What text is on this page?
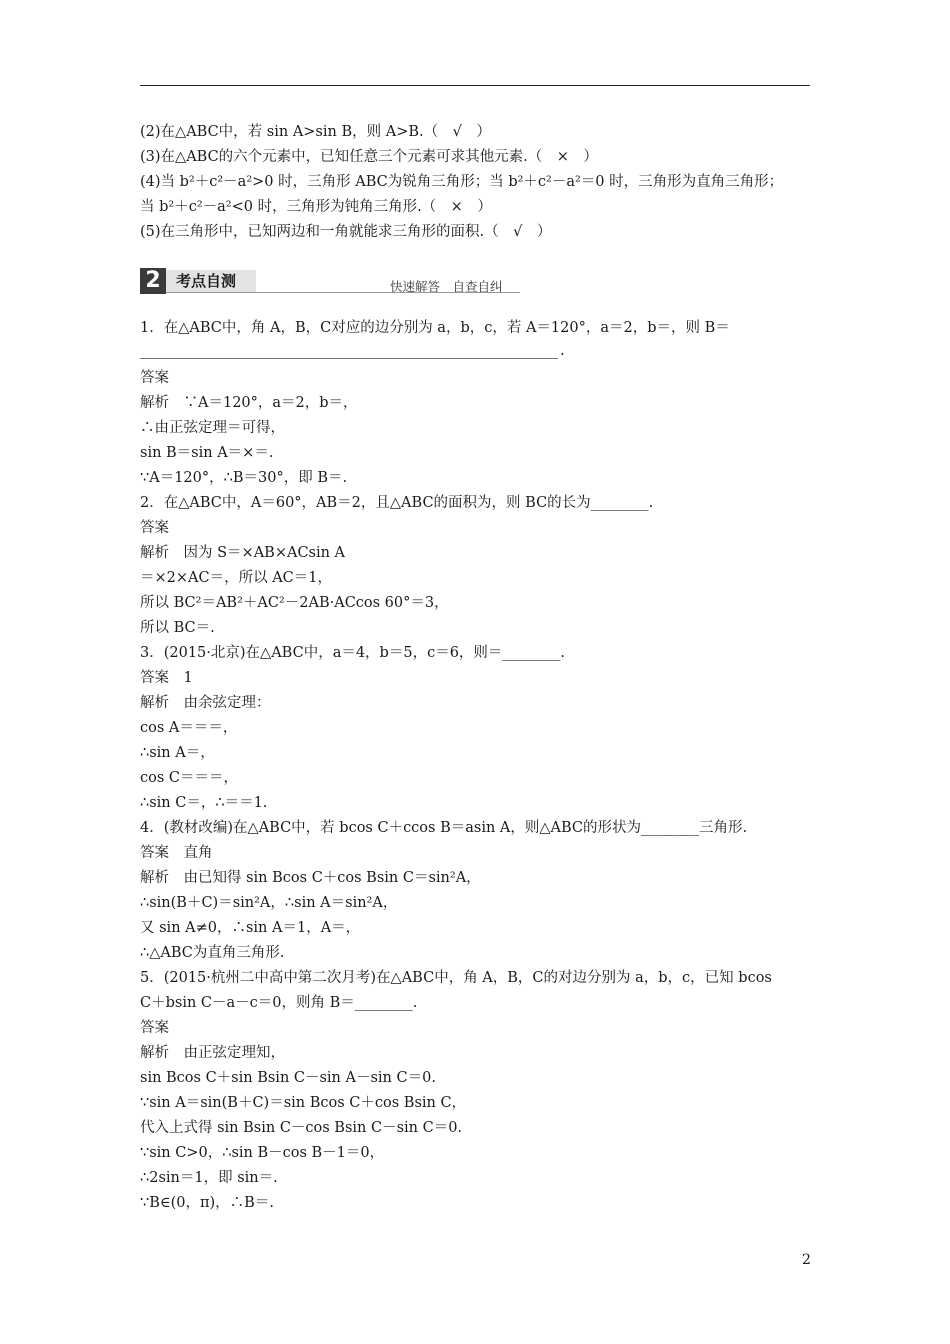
(2)在△ABC中，若 sin A>sin B，则 A>B.（　√　）
(3)在△ABC的六个元素中，已知任意三个元素可求其他元素.（　×　）
(4)当 b²＋c²－a²>0 时，三角形 ABC为锐角三角形；当 b²＋c²－a²＝0 时，三角形为直角三角形；
当 b²＋c²－a²<0 时，三角形为钝角三角形.（　×　）
(5)在三角形中，已知两边和一角就能求三角形的面积.（　√　）
2	考点自测	快速解答　自查自纠
1．在△ABC中，角 A，B，C对应的边分别为 a，b，c，若 A＝120°，a＝2，b＝，则 B＝
.
答案
解析　∵A＝120°，a＝2，b＝，
∴由正弦定理＝可得，
sin B＝sin A＝×＝.
∵A＝120°，∴B＝30°，即 B＝.
2．在△ABC中，A＝60°，AB＝2，且△ABC的面积为，则 BC的长为________.
答案
解析　因为 S＝×AB×ACsin A
＝×2×AC＝，所以 AC＝1，
所以 BC²＝AB²＋AC²－2AB·ACcos 60°＝3，
所以 BC＝.
3．(2015·北京)在△ABC中，a＝4，b＝5，c＝6，则＝________.
答案　1
解析　由余弦定理：
cos A＝＝＝，
∴sin A＝，
cos C＝＝＝，
∴sin C＝，∴＝＝1.
4．(教材改编)在△ABC中，若 bcos C＋ccos B＝asin A，则△ABC的形状为________三角形.
答案　直角
解析　由已知得 sin Bcos C＋cos Bsin C＝sin²A，
∴sin(B＋C)＝sin²A，∴sin A＝sin²A，
又 sin A≠0，∴sin A＝1，A＝，
∴△ABC为直角三角形.
5．(2015·杭州二中高中第二次月考)在△ABC中，角 A，B，C的对边分别为 a，b，c，已知 bcos
C＋bsin C－a－c＝0，则角 B＝________.
答案
解析　由正弦定理知，
sin Bcos C＋sin Bsin C－sin A－sin C＝0.
∵sin A＝sin(B＋C)＝sin Bcos C＋cos Bsin C，
代入上式得 sin Bsin C－cos Bsin C－sin C＝0.
∵sin C>0，∴sin B－cos B－1＝0，
∴2sin＝1，即 sin＝.
∵B∈(0，π)，∴B＝.
2
